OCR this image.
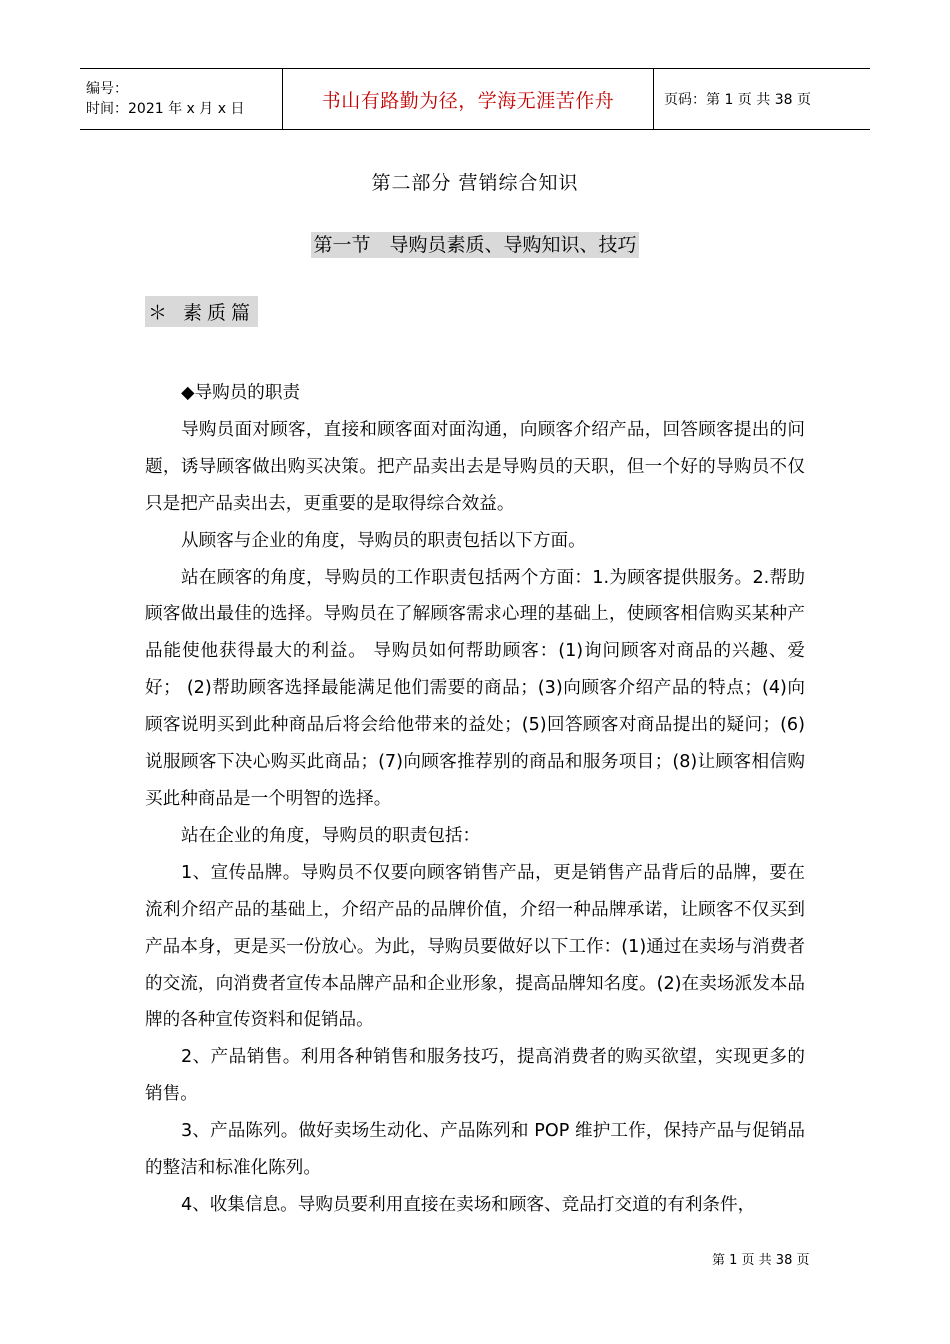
编号：
时间：2021 年 x 月 x 日	书山有路勤为径，学海无涯苦作舟	页码：第 1 页 共 38 页
第二部分 营销综合知识
第一节　导购员素质、导购知识、技巧
＊ 素质篇

◆导购员的职责

导购员面对顾客，直接和顾客面对面沟通，向顾客介绍产品，回答顾客提出的问题，诱导顾客做出购买决策。把产品卖出去是导购员的天职，但一个好的导购员不仅只是把产品卖出去，更重要的是取得综合效益。

从顾客与企业的角度，导购员的职责包括以下方面。

站在顾客的角度，导购员的工作职责包括两个方面：1.为顾客提供服务。2.帮助顾客做出最佳的选择。导购员在了解顾客需求心理的基础上，使顾客相信购买某种产品能使他获得最大的利益。 导购员如何帮助顾客：(1)询问顾客对商品的兴趣、爱好； (2)帮助顾客选择最能满足他们需要的商品；(3)向顾客介绍产品的特点；(4)向顾客说明买到此种商品后将会给他带来的益处；(5)回答顾客对商品提出的疑问；(6)说服顾客下决心购买此商品；(7)向顾客推荐别的商品和服务项目；(8)让顾客相信购买此种商品是一个明智的选择。

站在企业的角度，导购员的职责包括：

1、宣传品牌。导购员不仅要向顾客销售产品，更是销售产品背后的品牌，要在流利介绍产品的基础上，介绍产品的品牌价值，介绍一种品牌承诺，让顾客不仅买到产品本身，更是买一份放心。为此，导购员要做好以下工作：(1)通过在卖场与消费者的交流，向消费者宣传本品牌产品和企业形象，提高品牌知名度。(2)在卖场派发本品牌的各种宣传资料和促销品。

2、产品销售。利用各种销售和服务技巧，提高消费者的购买欲望，实现更多的销售。

3、产品陈列。做好卖场生动化、产品陈列和 POP 维护工作，保持产品与促销品的整洁和标准化陈列。

4、收集信息。导购员要利用直接在卖场和顾客、竞品打交道的有利条件，

第 1 页 共 38 页
